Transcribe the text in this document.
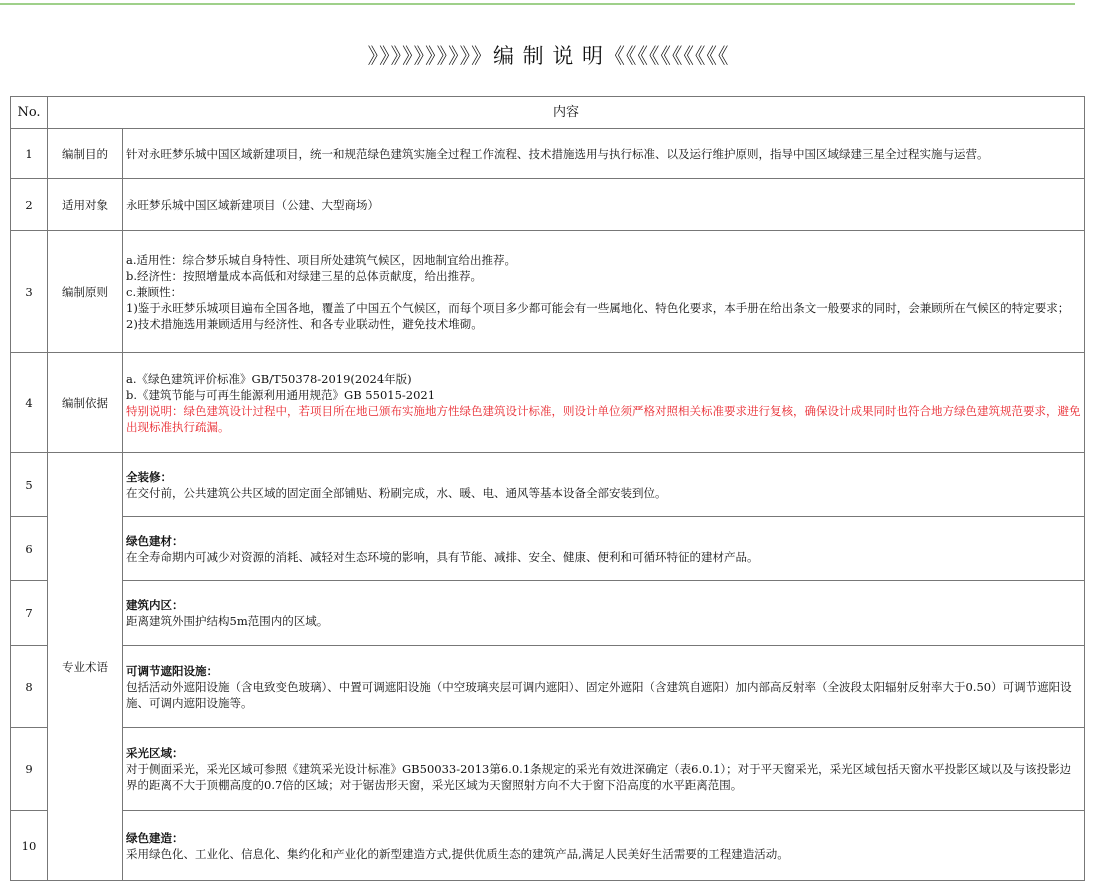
》》》》》》》》》》编 制 说 明《《《《《《《《《《
No.	内容	
1	编制目的	针对永旺梦乐城中国区域新建项目，统一和规范绿色建筑实施全过程工作流程、技术措施选用与执行标准、以及运行维护原则，指导中国区域绿建三星全过程实施与运营。
2	适用对象	永旺梦乐城中国区域新建项目（公建、大型商场）
3	编制原则	a.适用性：综合梦乐城自身特性、项目所处建筑气候区，因地制宜给出推荐。
b.经济性：按照增量成本高低和对绿建三星的总体贡献度，给出推荐。
c.兼顾性：
1)鉴于永旺梦乐城项目遍布全国各地，覆盖了中国五个气候区，而每个项目多少都可能会有一些属地化、特色化要求，本手册在给出条文一般要求的同时，会兼顾所在气候区的特定要求；
2)技术措施选用兼顾适用与经济性、和各专业联动性，避免技术堆砌。

4	编制依据	a.《绿色建筑评价标准》GB/T50378-2019(2024年版)
b.《建筑节能与可再生能源利用通用规范》GB 55015-2021
特别说明：绿色建筑设计过程中，若项目所在地已颁布实施地方性绿色建筑设计标准，则设计单位须严格对照相关标准要求进行复核，确保设计成果同时也符合地方绿色建筑规范要求，避免出现标准执行疏漏。

5	专业术语	全装修：
在交付前，公共建筑公共区域的固定面全部铺贴、粉刷完成，水、暖、电、通风等基本设备全部安装到位。

6		绿色建材：
在全寿命期内可减少对资源的消耗、减轻对生态环境的影响，具有节能、减排、安全、健康、便利和可循环特征的建材产品。

7		建筑内区：
距离建筑外围护结构5m范围内的区域。

8		可调节遮阳设施：
包括活动外遮阳设施（含电致变色玻璃）、中置可调遮阳设施（中空玻璃夹层可调内遮阳）、固定外遮阳（含建筑自遮阳）加内部高反射率（全波段太阳辐射反射率大于0.50）可调节遮阳设施、可调内遮阳设施等。

9		采光区域：
对于侧面采光，采光区域可参照《建筑采光设计标准》GB50033-2013第6.0.1条规定的采光有效进深确定（表6.0.1）；对于平天窗采光，采光区域包括天窗水平投影区域以及与该投影边界的距离不大于顶棚高度的0.7倍的区域；对于锯齿形天窗，采光区域为天窗照射方向不大于窗下沿高度的水平距离范围。

10		绿色建造：
采用绿色化、工业化、信息化、集约化和产业化的新型建造方式,提供优质生态的建筑产品,满足人民美好生活需要的工程建造活动。
